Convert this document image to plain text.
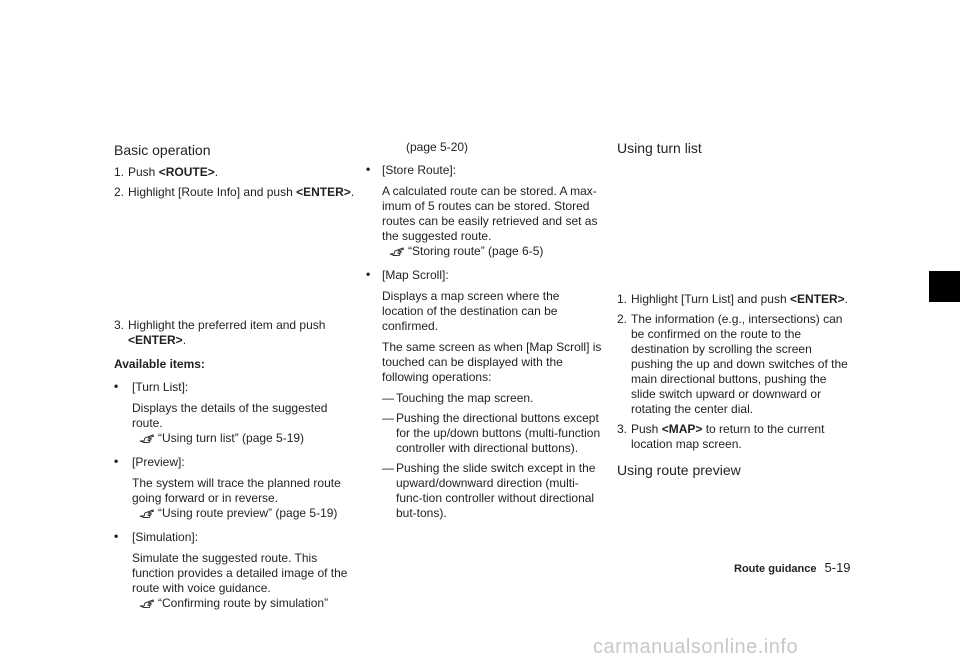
Basic operation
1. Push <ROUTE>.
2. Highlight [Route Info] and push <ENTER>.
3. Highlight the preferred item and push
<ENTER>.

Available items:

• [Turn List]:

Displays the details of the suggested route.

“Using turn list” (page 5-19)

• [Preview]:

The system will trace the planned route going forward or in reverse.

“Using route preview” (page 5-19)

• [Simulation]:

Simulate the suggested route. This function provides a detailed image of the route with voice guidance.

“Confirming route by simulation”

(page 5-20)

• [Store Route]:

A calculated route can be stored. A max-imum of 5 routes can be stored. Stored routes can be easily retrieved and set as the suggested route.

“Storing route” (page 6-5)

• [Map Scroll]:

Displays a map screen where the location of the destination can be confirmed.

The same screen as when [Map Scroll] is touched can be displayed with the following operations:

— Touching the map screen.
— Pushing the directional buttons except for the up/down buttons (multi-function controller with directional buttons).
— Pushing the slide switch except in the upward/downward direction (multi-func-tion controller without directional but-tons).
Using turn list
1. Highlight [Turn List] and push <ENTER>.
2. The information (e.g., intersections) can be confirmed on the route to the destination by scrolling the screen pushing the up and down switches of the main directional buttons, pushing the slide switch upward or downward or rotating the center dial.
3. Push <MAP> to return to the current location map screen.
Using route preview
Route guidance 5-19
carmanualsonline.info
